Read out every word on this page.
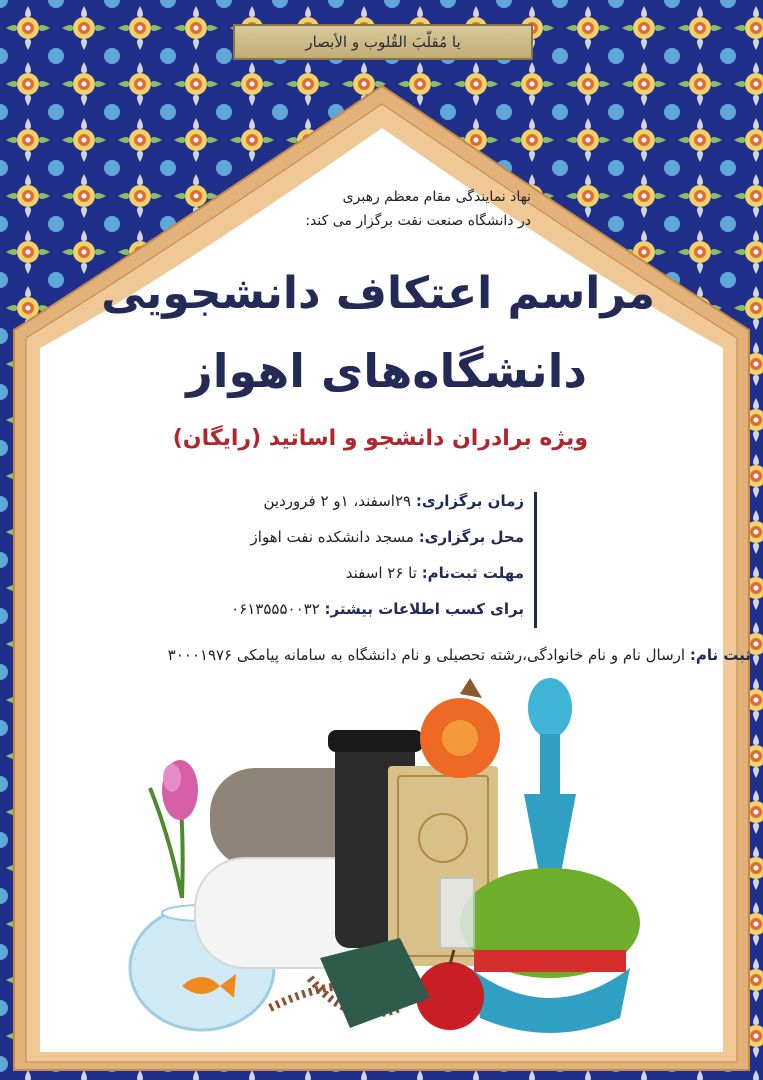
یا مُقلّبَ القُلوب و الأبصار
نهاد نمایندگی مقام معظم رهبری
در دانشگاه صنعت نفت برگزار می کند:
مراسم اعتکاف دانشجویی
دانشگاه‌های اهواز
ویژه برادران دانشجو و اساتید (رایگان)
زمان برگزاری: ۲۹اسفند، ۱و ۲ فروردین
محل برگزاری: مسجد دانشکده نفت اهواز
مهلت ثبت‌نام: تا ۲۶ اسفند
برای کسب اطلاعات بیشتر: ۰۶۱۳۵۵۵۰۰۳۲
ثبت نام: ارسال نام و نام خانوادگی،رشته تحصیلی و نام دانشگاه به سامانه پیامکی ۳۰۰۰۱۹۷۶
